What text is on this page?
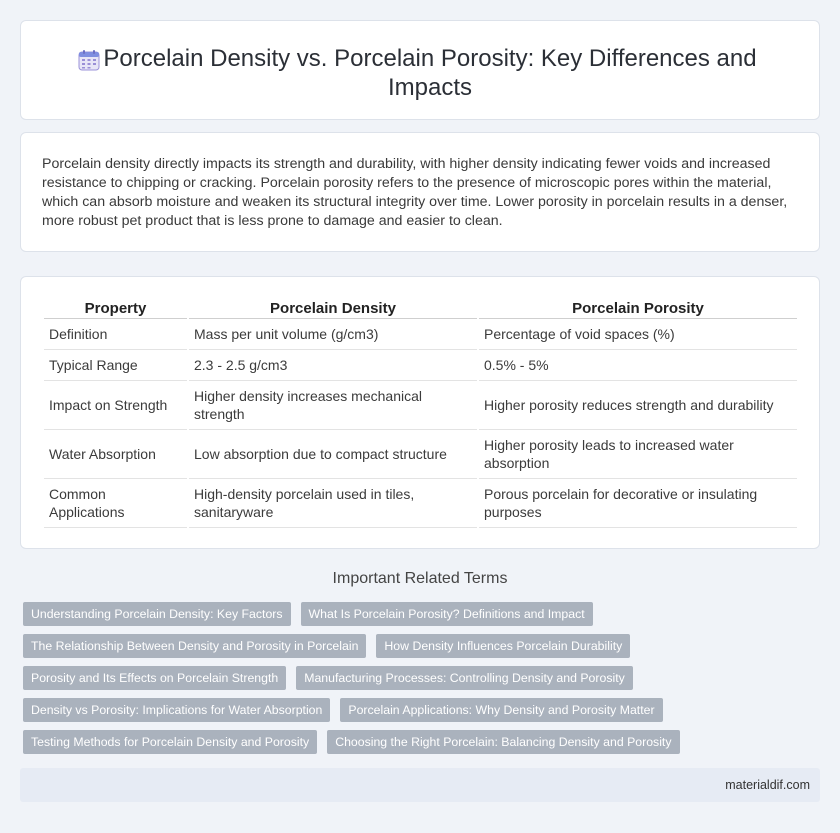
Porcelain Density vs. Porcelain Porosity: Key Differences and Impacts

Porcelain density directly impacts its strength and durability, with higher density indicating fewer voids and increased resistance to chipping or cracking. Porcelain porosity refers to the presence of microscopic pores within the material, which can absorb moisture and weaken its structural integrity over time. Lower porosity in porcelain results in a denser, more robust pet product that is less prone to damage and easier to clean.

Property	Porcelain Density	Porcelain Porosity
Definition	Mass per unit volume (g/cm3)	Percentage of void spaces (%)
Typical Range	2.3 - 2.5 g/cm3	0.5% - 5%
Impact on Strength	Higher density increases mechanical strength	Higher porosity reduces strength and durability
Water Absorption	Low absorption due to compact structure	Higher porosity leads to increased water absorption
Common Applications	High-density porcelain used in tiles, sanitaryware	Porous porcelain for decorative or insulating purposes
Important Related Terms
Understanding Porcelain Density: Key Factors What Is Porcelain Porosity? Definitions and Impact
The Relationship Between Density and Porosity in Porcelain How Density Influences Porcelain Durability
Porosity and Its Effects on Porcelain Strength Manufacturing Processes: Controlling Density and Porosity
Density vs Porosity: Implications for Water Absorption Porcelain Applications: Why Density and Porosity Matter
Testing Methods for Porcelain Density and Porosity Choosing the Right Porcelain: Balancing Density and Porosity
materialdif.com
